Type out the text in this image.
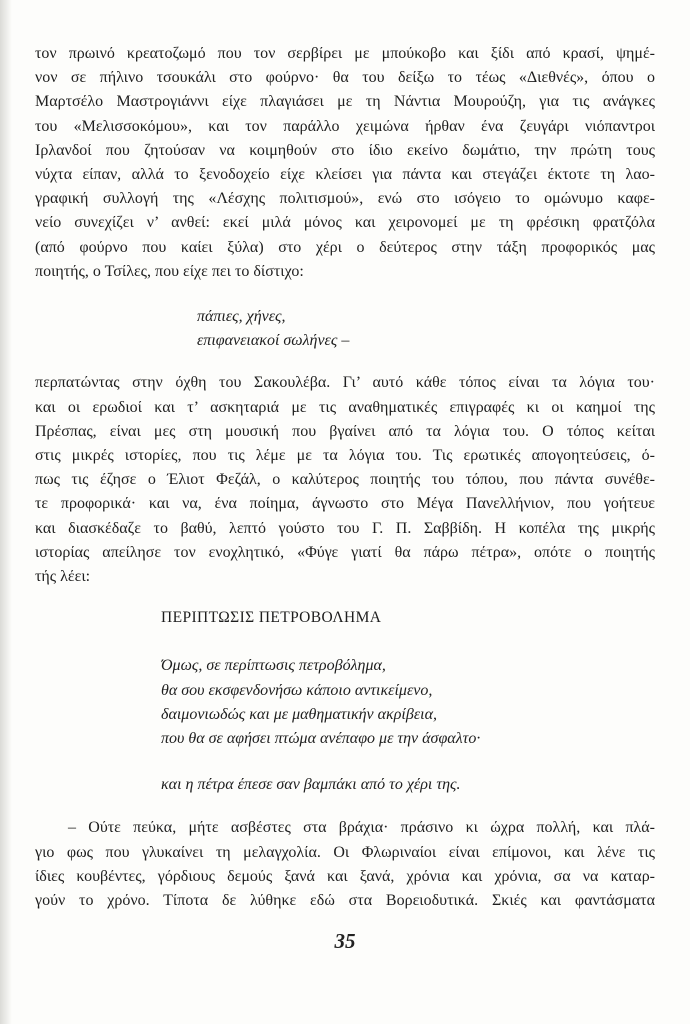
τον πρωινό κρεατοζωμό που τον σερβίρει με μπούκοβο και ξίδι από κρασί, ψημέ-
νον σε πήλινο τσουκάλι στο φούρνο· θα του δείξω το τέως «Διεθνές», όπου ο
Μαρτσέλο Μαστρογιάννι είχε πλαγιάσει με τη Νάντια Μουρούζη, για τις ανάγκες
του «Μελισσοκόμου», και τον παράλλο χειμώνα ήρθαν ένα ζευγάρι νιόπαντροι
Ιρλανδοί που ζητούσαν να κοιμηθούν στο ίδιο εκείνο δωμάτιο, την πρώτη τους
νύχτα είπαν, αλλά το ξενοδοχείο είχε κλείσει για πάντα και στεγάζει έκτοτε τη λαο-
γραφική συλλογή της «Λέσχης πολιτισμού», ενώ στο ισόγειο το ομώνυμο καφε-
νείο συνεχίζει ν’ ανθεί: εκεί μιλά μόνος και χειρονομεί με τη φρέσικη φρατζόλα
(από φούρνο που καίει ξύλα) στο χέρι ο δεύτερος στην τάξη προφορικός μας
ποιητής, ο Τσίλες, που είχε πει το δίστιχο:
πάπιες, χήνες,
επιφανειακοί σωλήνες –
περπατώντας στην όχθη του Σακουλέβα. Γι’ αυτό κάθε τόπος είναι τα λόγια του·
και οι ερωδιοί και τ’ ασκηταριά με τις αναθηματικές επιγραφές κι οι καημοί της
Πρέσπας, είναι μες στη μουσική που βγαίνει από τα λόγια του. Ο τόπος κείται
στις μικρές ιστορίες, που τις λέμε με τα λόγια του. Τις ερωτικές απογοητεύσεις, ό-
πως τις έζησε ο Έλιοτ Φεζάλ, ο καλύτερος ποιητής του τόπου, που πάντα συνέθε-
τε προφορικά· και να, ένα ποίημα, άγνωστο στο Μέγα Πανελλήνιον, που γοήτευε
και διασκέδαζε το βαθύ, λεπτό γούστο του Γ. Π. Σαββίδη. Η κοπέλα της μικρής
ιστορίας απείλησε τον ενοχλητικό, «Φύγε γιατί θα πάρω πέτρα», οπότε ο ποιητής
τής λέει:
ΠΕΡΙΠΤΩΣΙΣ ΠΕΤΡΟΒΟΛΗΜΑ
Όμως, σε περίπτωσις πετροβόλημα,
θα σου εκσφενδονήσω κάποιο αντικείμενο,
δαιμονιωδώς και με μαθηματικήν ακρίβεια,
που θα σε αφήσει πτώμα ανέπαφο με την άσφαλτο·
και η πέτρα έπεσε σαν βαμπάκι από το χέρι της.
– Ούτε πεύκα, μήτε ασβέστες στα βράχια· πράσινο κι ώχρα πολλή, και πλά-
γιο φως που γλυκαίνει τη μελαγχολία. Οι Φλωριναίοι είναι επίμονοι, και λένε τις
ίδιες κουβέντες, γόρδιους δεμούς ξανά και ξανά, χρόνια και χρόνια, σα να καταρ-
γούν το χρόνο. Τίποτα δε λύθηκε εδώ στα Βορειοδυτικά. Σκιές και φαντάσματα
35
